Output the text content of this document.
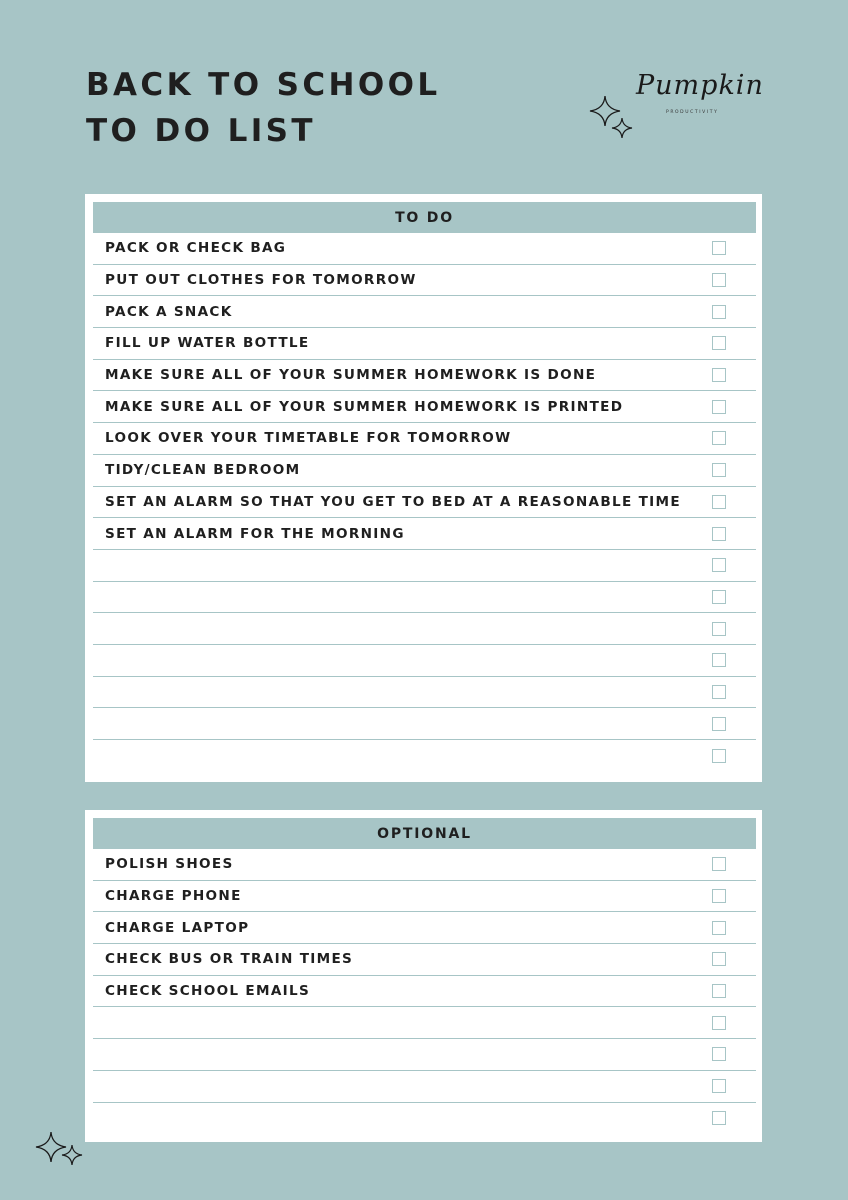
BACK TO SCHOOL
TO DO LIST
Pumpkin
PRODUCTIVITY
TO DO
PACK OR CHECK BAG
PUT OUT CLOTHES FOR TOMORROW
PACK A SNACK
FILL UP WATER BOTTLE
MAKE SURE ALL OF YOUR SUMMER HOMEWORK IS DONE
MAKE SURE ALL OF YOUR SUMMER HOMEWORK IS PRINTED
LOOK OVER YOUR TIMETABLE FOR TOMORROW
TIDY/CLEAN BEDROOM
SET AN ALARM SO THAT YOU GET TO BED AT A REASONABLE TIME
SET AN ALARM FOR THE MORNING
OPTIONAL
POLISH SHOES
CHARGE PHONE
CHARGE LAPTOP
CHECK BUS OR TRAIN TIMES
CHECK SCHOOL EMAILS
